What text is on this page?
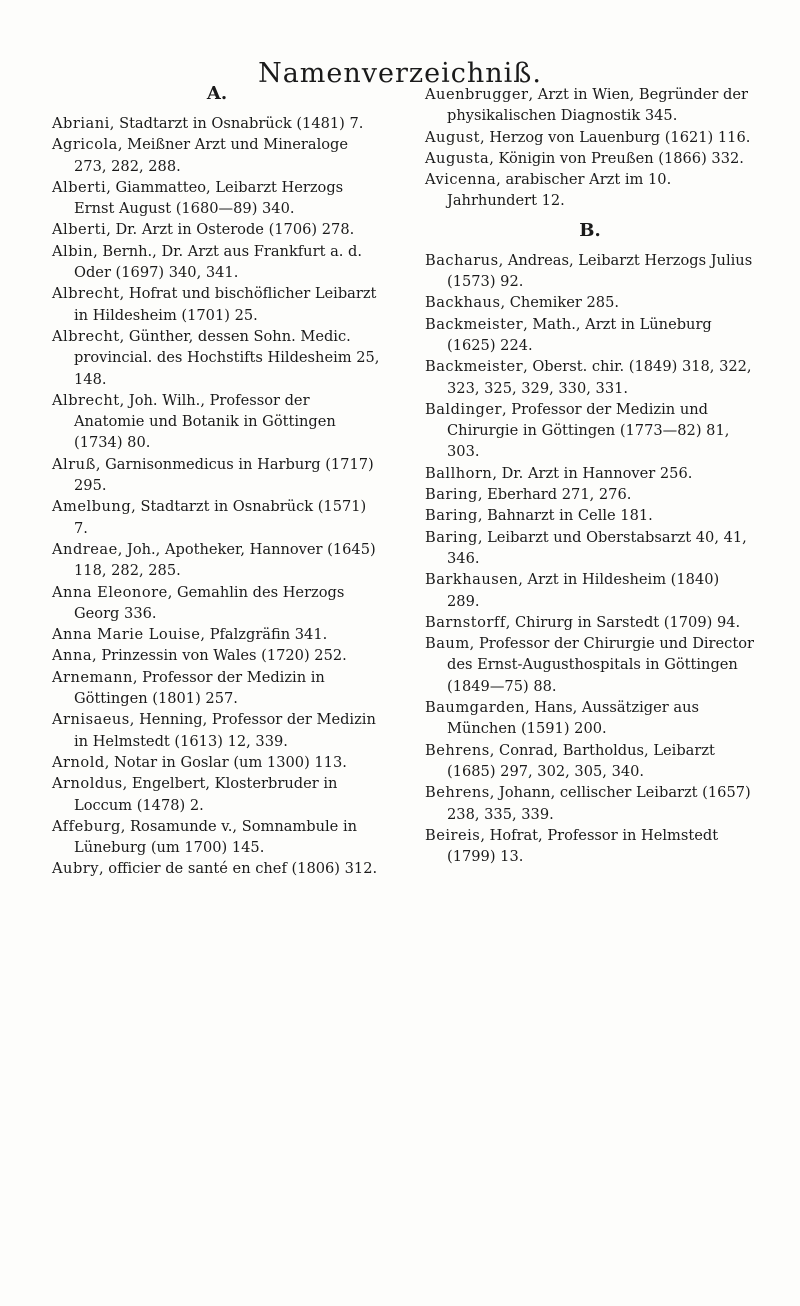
Namenverzeichniß.
A.

Abriani, Stadtarzt in Osnabrück (1481) 7.

Agricola, Meißner Arzt und Mineraloge 273, 282, 288.

Alberti, Giammatteo, Leibarzt Herzogs Ernst August (1680—89) 340.

Alberti, Dr. Arzt in Osterode (1706) 278.

Albin, Bernh., Dr. Arzt aus Frankfurt a. d. Oder (1697) 340, 341.

Albrecht, Hofrat und bischöflicher Leibarzt in Hildesheim (1701) 25.

Albrecht, Günther, dessen Sohn. Medic. provincial. des Hochstifts Hildesheim 25, 148.

Albrecht, Joh. Wilh., Professor der Anatomie und Botanik in Göttingen (1734) 80.

Alruß, Garnisonmedicus in Harburg (1717) 295.

Amelbung, Stadtarzt in Osnabrück (1571) 7.

Andreae, Joh., Apotheker, Hannover (1645) 118, 282, 285.

Anna Eleonore, Gemahlin des Herzogs Georg 336.

Anna Marie Louise, Pfalzgräfin 341.

Anna, Prinzessin von Wales (1720) 252.

Arnemann, Professor der Medizin in Göttingen (1801) 257.

Arnisaeus, Henning, Professor der Medizin in Helmstedt (1613) 12, 339.

Arnold, Notar in Goslar (um 1300) 113.

Arnoldus, Engelbert, Klosterbruder in Loccum (1478) 2.

Affeburg, Rosamunde v., Somnambule in Lüneburg (um 1700) 145.

Aubry, officier de santé en chef (1806) 312.

Auenbrugger, Arzt in Wien, Begründer der physikalischen Diagnostik 345.

August, Herzog von Lauenburg (1621) 116.

Augusta, Königin von Preußen (1866) 332.

Avicenna, arabischer Arzt im 10. Jahrhundert 12.

B.

Bacharus, Andreas, Leibarzt Herzogs Julius (1573) 92.

Backhaus, Chemiker 285.

Backmeister, Math., Arzt in Lüneburg (1625) 224.

Backmeister, Oberst. chir. (1849) 318, 322, 323, 325, 329, 330, 331.

Baldinger, Professor der Medizin und Chirurgie in Göttingen (1773—82) 81, 303.

Ballhorn, Dr. Arzt in Hannover 256.

Baring, Eberhard 271, 276.

Baring, Bahnarzt in Celle 181.

Baring, Leibarzt und Oberstabsarzt 40, 41, 346.

Barkhausen, Arzt in Hildesheim (1840) 289.

Barnstorff, Chirurg in Sarstedt (1709) 94.

Baum, Professor der Chirurgie und Director des Ernst-Augusthospitals in Göttingen (1849—75) 88.

Baumgarden, Hans, Aussätziger aus München (1591) 200.

Behrens, Conrad, Bartholdus, Leibarzt (1685) 297, 302, 305, 340.

Behrens, Johann, cellischer Leibarzt (1657) 238, 335, 339.

Beireis, Hofrat, Professor in Helmstedt (1799) 13.
